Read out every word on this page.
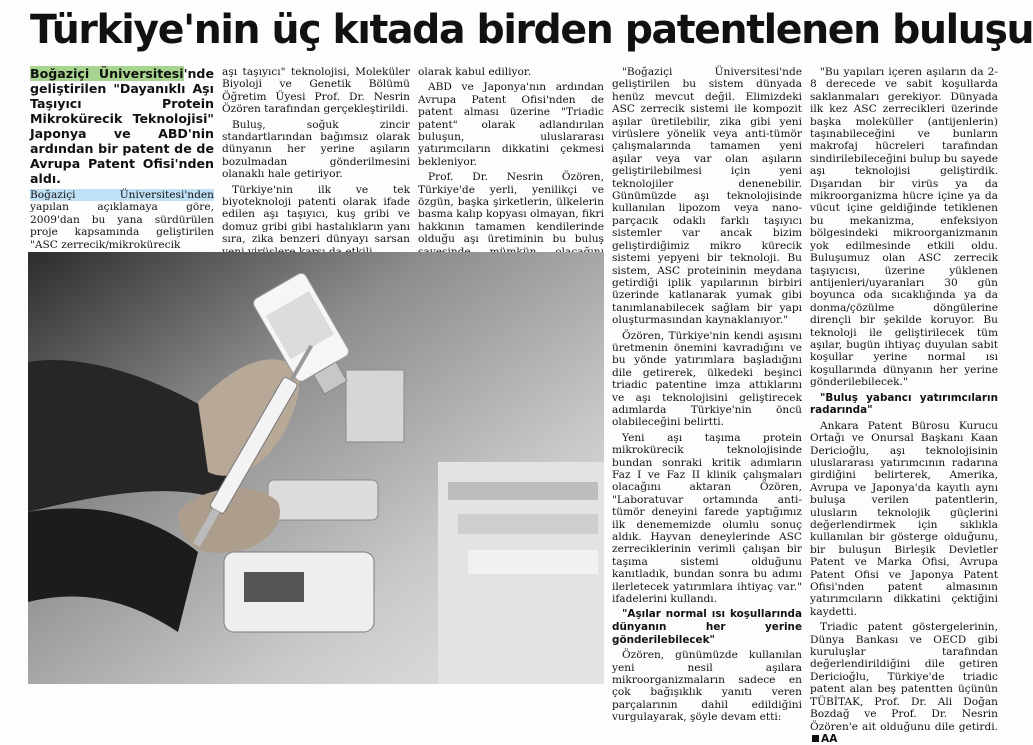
Türkiye'nin üç kıtada birden patentlenen buluşu

Boğaziçi Üniversitesi'nde geliştirilen "Dayanıklı Aşı Taşıyıcı Protein Mikrokürecik Teknolojisi" Japonya ve ABD'nin ardından bir patent de de Avrupa Patent Ofisi'nden aldı.

Boğaziçi Üniversitesi'nden yapılan açıklamaya göre, 2009'dan bu yana sürdürülen proje kapsamında geliştirilen "ASC zerrecik/mikrokürecik

aşı taşıyıcı" teknolojisi, Moleküler Biyoloji ve Genetik Bölümü Öğretim Üyesi Prof. Dr. Nesrin Özören tarafından gerçekleştirildi.

Buluş, soğuk zincir standartlarından bağımsız olarak dünyanın her yerine aşıların bozulmadan gönderilmesini olanaklı hale getiriyor.

Türkiye'nin ilk ve tek biyoteknoloji patenti olarak ifade edilen aşı taşıyıcı, kuş gribi ve domuz gribi gibi hastalıkların yanı sıra, zika benzeri dünyayı sarsan

olarak kabul ediliyor.

ABD ve Japonya'nın ardından Avrupa Patent Ofisi'nden de patent alması üzerine "Triadic patent" olarak adlandırılan buluşun, uluslararası yatırımcıların dikkatini çekmesi bekleniyor.

Prof. Dr. Nesrin Özören, Türkiye'de yerli, yenilikçi ve özgün, başka şirketlerin, ülkelerin basma kalıp kopyası olmayan, fikri hakkının tamamen kendilerinde olduğu aşı üretiminin bu buluş

"Boğaziçi Üniversitesi'nde geliştirilen bu sistem dünyada henüz mevcut değil. Elimizdeki ASC zerrecik sistemi ile kompozit aşılar üretilebilir, zika gibi yeni virüslere yönelik veya anti-tümör çalışmalarında tamamen yeni aşılar veya var olan aşıların geliştirilebilmesi için yeni teknolojiler denenebilir. Günümüzde aşı teknolojisinde kullanılan lipozom veya nano-parçacık odaklı farklı taşıyıcı sistemler var ancak bizim geliştirdiğimiz mikro kürecik sistemi yepyeni bir teknoloji. Bu sistem, ASC proteininin meydana getirdiği iplik yapılarının birbiri üzerinde katlanarak yumak gibi tanımlanabilecek sağlam bir yapı oluşturmasından kaynaklanıyor."

Özören, Türkiye'nin kendi aşısını üretmenin önemini kavradığını ve bu yönde yatırımlara başladığını dile getirerek, ülkedeki beşinci triadic patentine imza attıklarını ve aşı teknolojisini geliştirecek adımlarda Türkiye'nin öncü olabileceğini belirtti.

Yeni aşı taşıma protein mikrokürecik teknolojisinde bundan sonraki kritik adımların Faz I ve Faz II klinik çalışmaları olacağını aktaran Özören, "Laboratuvar ortamında anti-tümör deneyini farede yaptığımız ilk denememizde olumlu sonuç aldık. Hayvan deneylerinde ASC zerreciklerinin verimli çalışan bir taşıma sistemi olduğunu kanıtladık, bundan sonra bu adımı ilerletecek yatırımlara ihtiyaç var." ifadelerini kullandı.

"Aşılar normal ısı koşullarında dünyanın her yerine gönderilebilecek"

Özören, günümüzde kullanılan yeni nesil aşılara mikroorganizmaların sadece en çok bağışıklık yanıtı veren parçalarının dahil edildiğini vurgulayarak, şöyle devam etti:

"Bu yapıları içeren aşıların da 2-8 derecede ve sabit koşullarda saklanmaları gerekiyor. Dünyada ilk kez ASC zerrecikleri üzerinde başka moleküller (antijenlerin) taşınabileceğini ve bunların makrofaj hücreleri tarafından sindirilebileceğini bulup bu sayede aşı teknolojisi geliştirdik. Dışarıdan bir virüs ya da mikroorganizma hücre içine ya da vücut içine geldiğinde tetiklenen bu mekanizma, enfeksiyon bölgesindeki mikroorganizmanın yok edilmesinde etkili oldu. Buluşumuz olan ASC zerrecik taşıyıcısı, üzerine yüklenen antijenleri/uyaranları 30 gün boyunca oda sıcaklığında ya da donma/çözülme döngülerine dirençli bir şekilde koruyor. Bu teknoloji ile geliştirilecek tüm aşılar, bugün ihtiyaç duyulan sabit koşullar yerine normal ısı koşullarında dünyanın her yerine gönderilebilecek."

"Buluş yabancı yatırımcıların radarında"

Ankara Patent Bürosu Kurucu Ortağı ve Onursal Başkanı Kaan Dericioğlu, aşı teknolojisinin uluslararası yatırımcının radarına girdiğini belirterek, Amerika, Avrupa ve Japonya'da kayıtlı aynı buluşa verilen patentlerin, ulusların teknolojik güçlerini değerlendirmek için sıklıkla kullanılan bir gösterge olduğunu, bir buluşun Birleşik Devletler Patent ve Marka Ofisi, Avrupa Patent Ofisi ve Japonya Patent Ofisi'nden patent almasının yatırımcıların dikkatini çektiğini kaydetti.

Triadic patent göstergelerinin, Dünya Bankası ve OECD gibi kuruluşlar tarafından değerlendirildiğini dile getiren Dericioğlu, Türkiye'de triadic patent alan beş patentten üçünün TÜBİTAK, Prof. Dr. Ali Doğan Bozdağ ve Prof. Dr. Nesrin Özören'e ait olduğunu dile getirdi.AA
